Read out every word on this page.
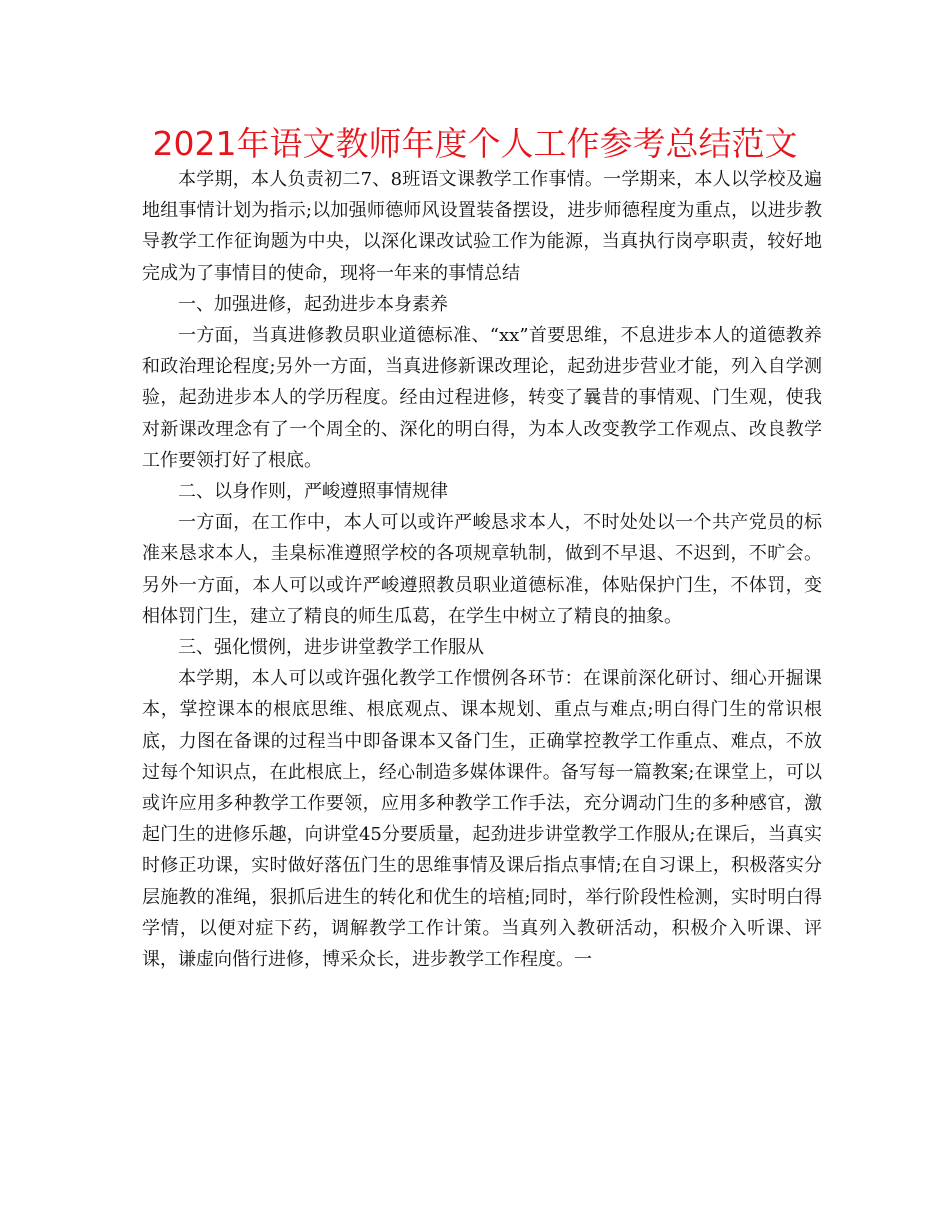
2021年语文教师年度个人工作参考总结范文

本学期，本人负责初二7、8班语文课教学工作事情。一学期来，本人以学校及遍地组事情计划为指示;以加强师德师风设置装备摆设，进步师德程度为重点，以进步教导教学工作征询题为中央，以深化课改试验工作为能源，当真执行岗亭职责，较好地完成为了事情目的使命，现将一年来的事情总结

一、加强进修，起劲进步本身素养

一方面，当真进修教员职业道德标准、“xx”首要思维，不息进步本人的道德教养和政治理论程度;另外一方面，当真进修新课改理论，起劲进步营业才能，列入自学测验，起劲进步本人的学历程度。经由过程进修，转变了曩昔的事情观、门生观，使我对新课改理念有了一个周全的、深化的明白得，为本人改变教学工作观点、改良教学工作要领打好了根底。

二、以身作则，严峻遵照事情规律

一方面，在工作中，本人可以或许严峻恳求本人，不时处处以一个共产党员的标准来恳求本人，圭臬标准遵照学校的各项规章轨制，做到不早退、不迟到，不旷会。另外一方面，本人可以或许严峻遵照教员职业道德标准，体贴保护门生，不体罚，变相体罚门生，建立了精良的师生瓜葛，在学生中树立了精良的抽象。

三、强化惯例，进步讲堂教学工作服从

本学期，本人可以或许强化教学工作惯例各环节：在课前深化研讨、细心开掘课本，掌控课本的根底思维、根底观点、课本规划、重点与难点;明白得门生的常识根底，力图在备课的过程当中即备课本又备门生，正确掌控教学工作重点、难点，不放过每个知识点，在此根底上，经心制造多媒体课件。备写每一篇教案;在课堂上，可以或许应用多种教学工作要领，应用多种教学工作手法，充分调动门生的多种感官，激起门生的进修乐趣，向讲堂45分要质量，起劲进步讲堂教学工作服从;在课后，当真实时修正功课，实时做好落伍门生的思维事情及课后指点事情;在自习课上，积极落实分层施教的准绳，狠抓后进生的转化和优生的培植;同时，举行阶段性检测，实时明白得学情，以便对症下药，调解教学工作计策。当真列入教研活动，积极介入听课、评课，谦虚向偕行进修，博采众长，进步教学工作程度。一
